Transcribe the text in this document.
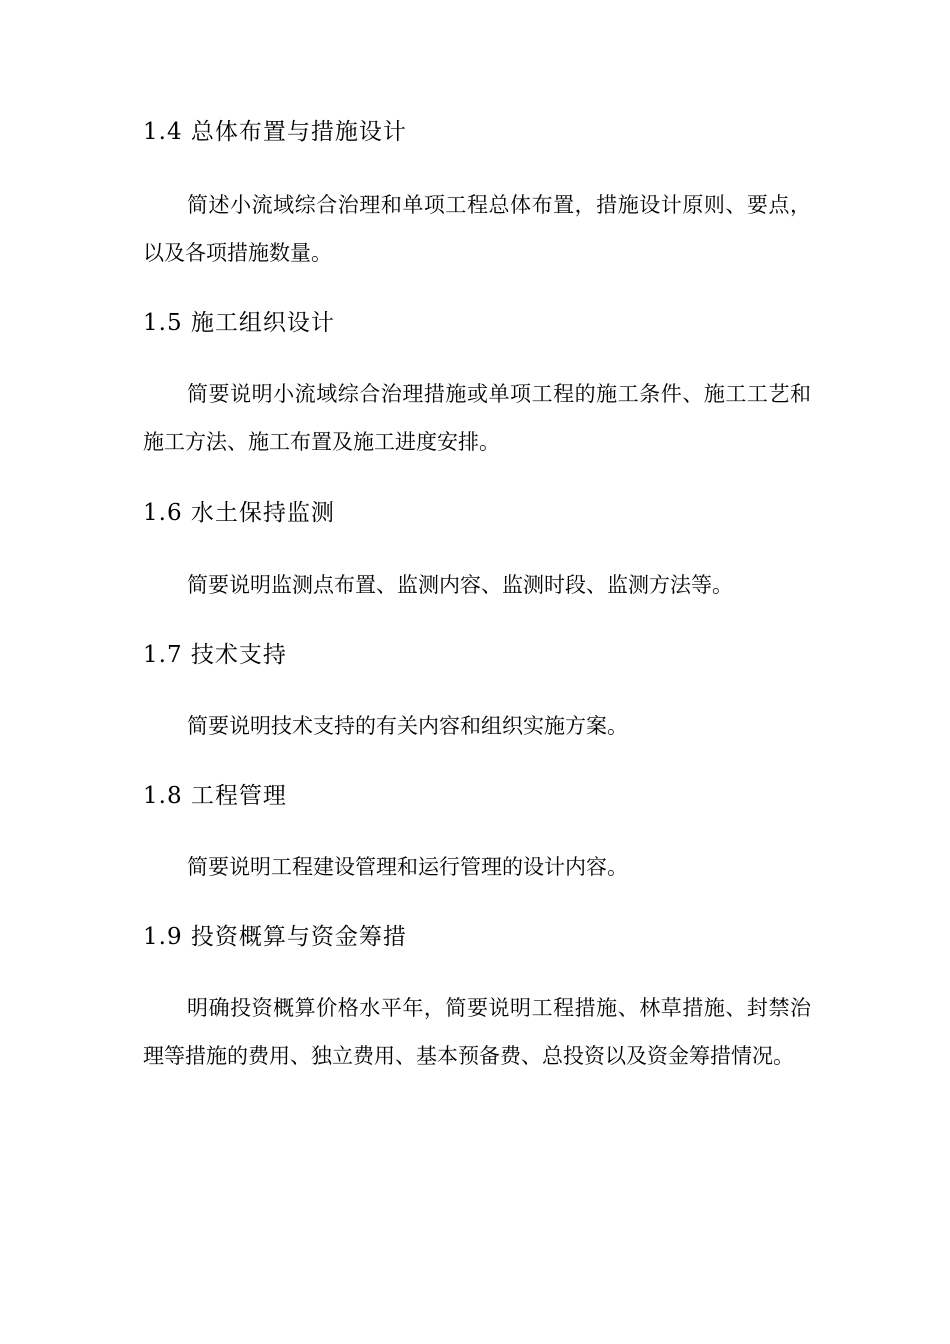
1.4 总体布置与措施设计
简述小流域综合治理和单项工程总体布置，措施设计原则、要点，以及各项措施数量。
1.5 施工组织设计
简要说明小流域综合治理措施或单项工程的施工条件、施工工艺和施工方法、施工布置及施工进度安排。
1.6 水土保持监测
简要说明监测点布置、监测内容、监测时段、监测方法等。
1.7 技术支持
简要说明技术支持的有关内容和组织实施方案。
1.8 工程管理
简要说明工程建设管理和运行管理的设计内容。
1.9 投资概算与资金筹措
明确投资概算价格水平年，简要说明工程措施、林草措施、封禁治理等措施的费用、独立费用、基本预备费、总投资以及资金筹措情况。
